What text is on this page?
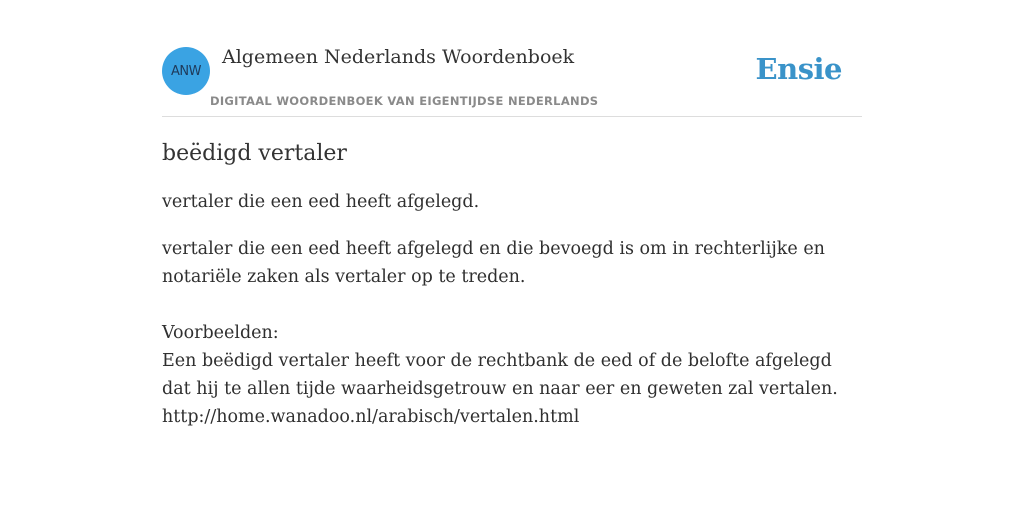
ANW
Algemeen Nederlands Woordenboek
DIGITAAL WOORDENBOEK VAN EIGENTIJDSE NEDERLANDS
Ensie
beëdigd vertaler

vertaler die een eed heeft afgelegd.

vertaler die een eed heeft afgelegd en die bevoegd is om in rechterlijke en notariële zaken als vertaler op te treden.

Voorbeelden:
Een beëdigd vertaler heeft voor de rechtbank de eed of de belofte afgelegd dat hij te allen tijde waarheidsgetrouw en naar eer en geweten zal vertalen.
http://home.wanadoo.nl/arabisch/vertalen.html
